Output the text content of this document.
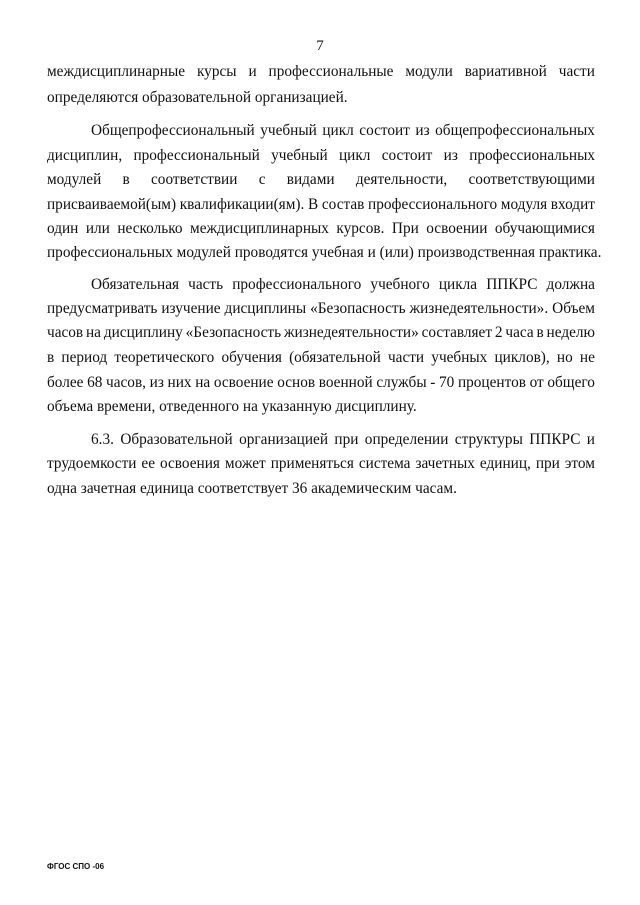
7
междисциплинарные курсы и профессиональные модули вариативной части
определяются образовательной организацией.
Общепрофессиональный учебный цикл состоит из общепрофессиональных
дисциплин, профессиональный учебный цикл состоит из профессиональных
модулей в соответствии с видами деятельности, соответствующими
присваиваемой(ым) квалификации(ям). В состав профессионального модуля входит
один или несколько междисциплинарных курсов. При освоении обучающимися
профессиональных модулей проводятся учебная и (или) производственная практика.
Обязательная часть профессионального учебного цикла ППКРС должна
предусматривать изучение дисциплины «Безопасность жизнедеятельности». Объем
часов на дисциплину «Безопасность жизнедеятельности» составляет 2 часа в неделю
в период теоретического обучения (обязательной части учебных циклов), но не
более 68 часов, из них на освоение основ военной службы - 70 процентов от общего
объема времени, отведенного на указанную дисциплину.
6.3. Образовательной организацией при определении структуры ППКРС и
трудоемкости ее освоения может применяться система зачетных единиц, при этом
одна зачетная единица соответствует 36 академическим часам.
ФГОС СПО -06
